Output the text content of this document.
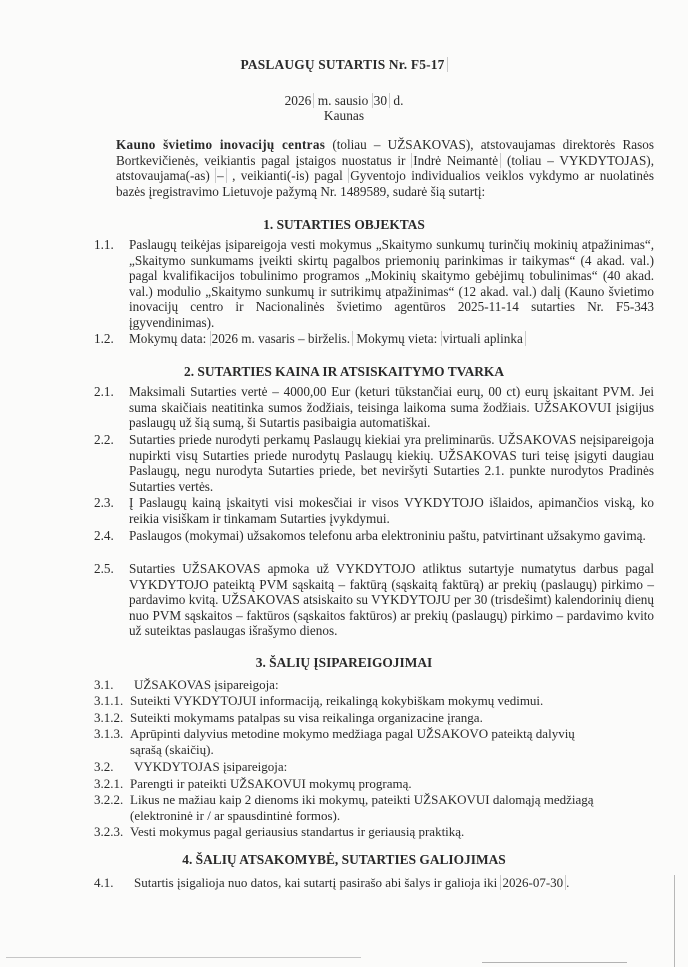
PASLAUGŲ SUTARTIS Nr. F5-17
2026 m. sausio 30 d.
Kaunas
Kauno švietimo inovacijų centras (toliau – UŽSAKOVAS), atstovaujamas direktorės Rasos Bortkevičienės, veikiantis pagal įstaigos nuostatus ir Indrė Neimantė (toliau – VYKDYTOJAS), atstovaujama(-as) – , veikianti(-is) pagal Gyventojo individualios veiklos vykdymo ar nuolatinės bazės įregistravimo Lietuvoje pažymą Nr. 1489589, sudarė šią sutartį:
1. SUTARTIES OBJEKTAS
1.1.	Paslaugų teikėjas įsipareigoja vesti mokymus „Skaitymo sunkumų turinčių mokinių atpažinimas“, „Skaitymo sunkumams įveikti skirtų pagalbos priemonių parinkimas ir taikymas“ (4 akad. val.) pagal kvalifikacijos tobulinimo programos „Mokinių skaitymo gebėjimų tobulinimas“ (40 akad. val.) modulio „Skaitymo sunkumų ir sutrikimų atpažinimas“ (12 akad. val.) dalį (Kauno švietimo inovacijų centro ir Nacionalinės švietimo agentūros 2025-11-14 sutarties Nr. F5-343 įgyvendinimas).
1.2.	Mokymų data: 2026 m. vasaris – birželis. Mokymų vieta: virtuali aplinka
2. SUTARTIES KAINA IR ATSISKAITYMO TVARKA
2.1.	Maksimali Sutarties vertė – 4000,00 Eur (keturi tūkstančiai eurų, 00 ct) eurų įskaitant PVM. Jei suma skaičiais neatitinka sumos žodžiais, teisinga laikoma suma žodžiais. UŽSAKOVUI įsigijus paslaugų už šią sumą, ši Sutartis pasibaigia automatiškai.
2.2.	Sutarties priede nurodyti perkamų Paslaugų kiekiai yra preliminarūs. UŽSAKOVAS neįsipareigoja nupirkti visų Sutarties priede nurodytų Paslaugų kiekių. UŽSAKOVAS turi teisę įsigyti daugiau Paslaugų, negu nurodyta Sutarties priede, bet neviršyti Sutarties 2.1. punkte nurodytos Pradinės Sutarties vertės.
2.3.	Į Paslaugų kainą įskaityti visi mokesčiai ir visos VYKDYTOJO išlaidos, apimančios viską, ko reikia visiškam ir tinkamam Sutarties įvykdymui.
2.4.	Paslaugos (mokymai) užsakomos telefonu arba elektroniniu paštu, patvirtinant užsakymo gavimą.
2.5.	Sutarties UŽSAKOVAS apmoka už VYKDYTOJO atliktus sutartyje numatytus darbus pagal VYKDYTOJO pateiktą PVM sąskaitą – faktūrą (sąskaitą faktūrą) ar prekių (paslaugų) pirkimo – pardavimo kvitą. UŽSAKOVAS atsiskaito su VYKDYTOJU per 30 (trisdešimt) kalendorinių dienų nuo PVM sąskaitos – faktūros (sąskaitos faktūros) ar prekių (paslaugų) pirkimo – pardavimo kvito už suteiktas paslaugas išrašymo dienos.
3. ŠALIŲ ĮSIPAREIGOJIMAI
3.1. UŽSAKOVAS įsipareigoja:
3.1.1. Suteikti VYKDYTOJUI informaciją, reikalingą kokybiškam mokymų vedimui.
3.1.2. Suteikti mokymams patalpas su visa reikalinga organizacine įranga.
3.1.3. Aprūpinti dalyvius metodine mokymo medžiaga pagal UŽSAKOVO pateiktą dalyvių
sąrašą (skaičių).
3.2. VYKDYTOJAS įsipareigoja:
3.2.1. Parengti ir pateikti UŽSAKOVUI mokymų programą.
3.2.2. Likus ne mažiau kaip 2 dienoms iki mokymų, pateikti UŽSAKOVUI dalomąją medžiagą
(elektroninė ir / ar spausdintinė formos).
3.2.3. Vesti mokymus pagal geriausius standartus ir geriausią praktiką.
4. ŠALIŲ ATSAKOMYBĖ, SUTARTIES GALIOJIMAS
4.1. Sutartis įsigalioja nuo datos, kai sutartį pasirašo abi šalys ir galioja iki 2026-07-30 .
